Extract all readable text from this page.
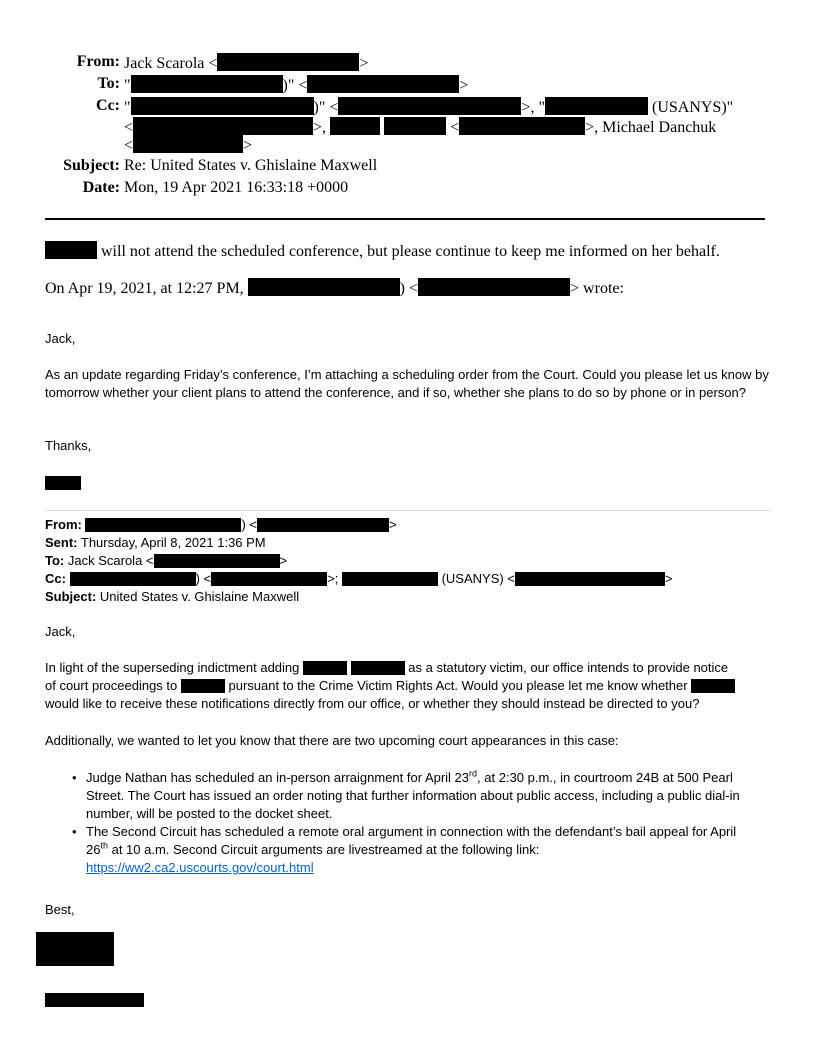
From: Jack Scarola <	>
To: "	)" <	>
Cc: "	)" <	>, "	(USANYS)"
<	>,	<	>, Michael Danchuk
<	>
Subject: Re: United States v. Ghislaine Maxwell
Date: Mon, 19 Apr 2021 16:33:18 +0000
will not attend the scheduled conference, but please continue to keep me informed on her behalf.
On Apr 19, 2021, at 12:27 PM,	) <	> wrote:
Jack,
As an update regarding Friday’s conference, I’m attaching a scheduling order from the Court. Could you please let us know by tomorrow whether your client plans to attend the conference, and if so, whether she plans to do so by phone or in person?
Thanks,
From:	) <	>
Sent: Thursday, April 8, 2021 1:36 PM
To: Jack Scarola <	>
Cc:	) <	>;	(USANYS) <	>
Subject: United States v. Ghislaine Maxwell
Jack,
In light of the superseding indictment adding	as a statutory victim, our office intends to provide notice
of court proceedings to	pursuant to the Crime Victim Rights Act. Would you please let me know whether
would like to receive these notifications directly from our office, or whether they should instead be directed to you?
Additionally, we wanted to let you know that there are two upcoming court appearances in this case:
• Judge Nathan has scheduled an in-person arraignment for April 23rd, at 2:30 p.m., in courtroom 24B at 500 Pearl
Street. The Court has issued an order noting that further information about public access, including a public dial-in
number, will be posted to the docket sheet.
• The Second Circuit has scheduled a remote oral argument in connection with the defendant’s bail appeal for April
26th at 10 a.m. Second Circuit arguments are livestreamed at the following link:
https://ww2.ca2.uscourts.gov/court.html
Best,
